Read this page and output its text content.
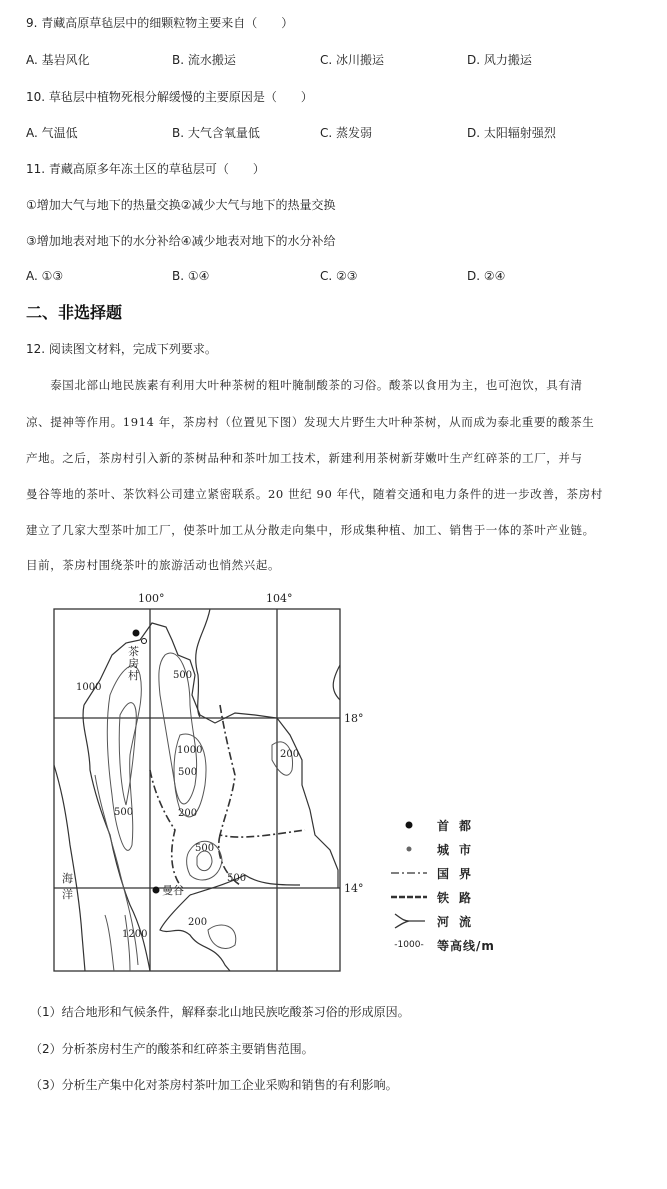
9. 青藏高原草毡层中的细颗粒物主要来自（　　）
A. 基岩风化	B. 流水搬运	C. 冰川搬运	D. 风力搬运
10. 草毡层中植物死根分解缓慢的主要原因是（　　）
A. 气温低	B. 大气含氧量低	C. 蒸发弱	D. 太阳辐射强烈
11. 青藏高原多年冻土区的草毡层可（　　）
①增加大气与地下的热量交换②减少大气与地下的热量交换
③增加地表对地下的水分补给④减少地表对地下的水分补给
A. ①③	B. ①④	C. ②③	D. ②④
二、非选择题
12. 阅读图文材料，完成下列要求。
　　泰国北部山地民族素有利用大叶种茶树的粗叶腌制酸茶的习俗。酸茶以食用为主，也可泡饮，具有清
凉、提神等作用。1914 年，茶房村（位置见下图）发现大片野生大叶种茶树，从而成为泰北重要的酸茶生
产地。之后，茶房村引入新的茶树品种和茶叶加工技术，新建利用茶树新芽嫩叶生产红碎茶的工厂，并与
曼谷等地的茶叶、茶饮料公司建立紧密联系。20 世纪 90 年代，随着交通和电力条件的进一步改善，茶房村
建立了几家大型茶叶加工厂，使茶叶加工从分散走向集中，形成集种植、加工、销售于一体的茶叶产业链。
目前，茶房村围绕茶叶的旅游活动也悄然兴起。
100°	104°
18°
14°
500
1000
1000
500
200
500	200
500
500
200
1200
茶
房
村
曼谷
海
洋
首都
城市
国界
铁路
河流
-1000-	等高线/m
（1）结合地形和气候条件，解释泰北山地民族吃酸茶习俗的形成原因。
（2）分析茶房村生产的酸茶和红碎茶主要销售范围。
（3）分析生产集中化对茶房村茶叶加工企业采购和销售的有利影响。
